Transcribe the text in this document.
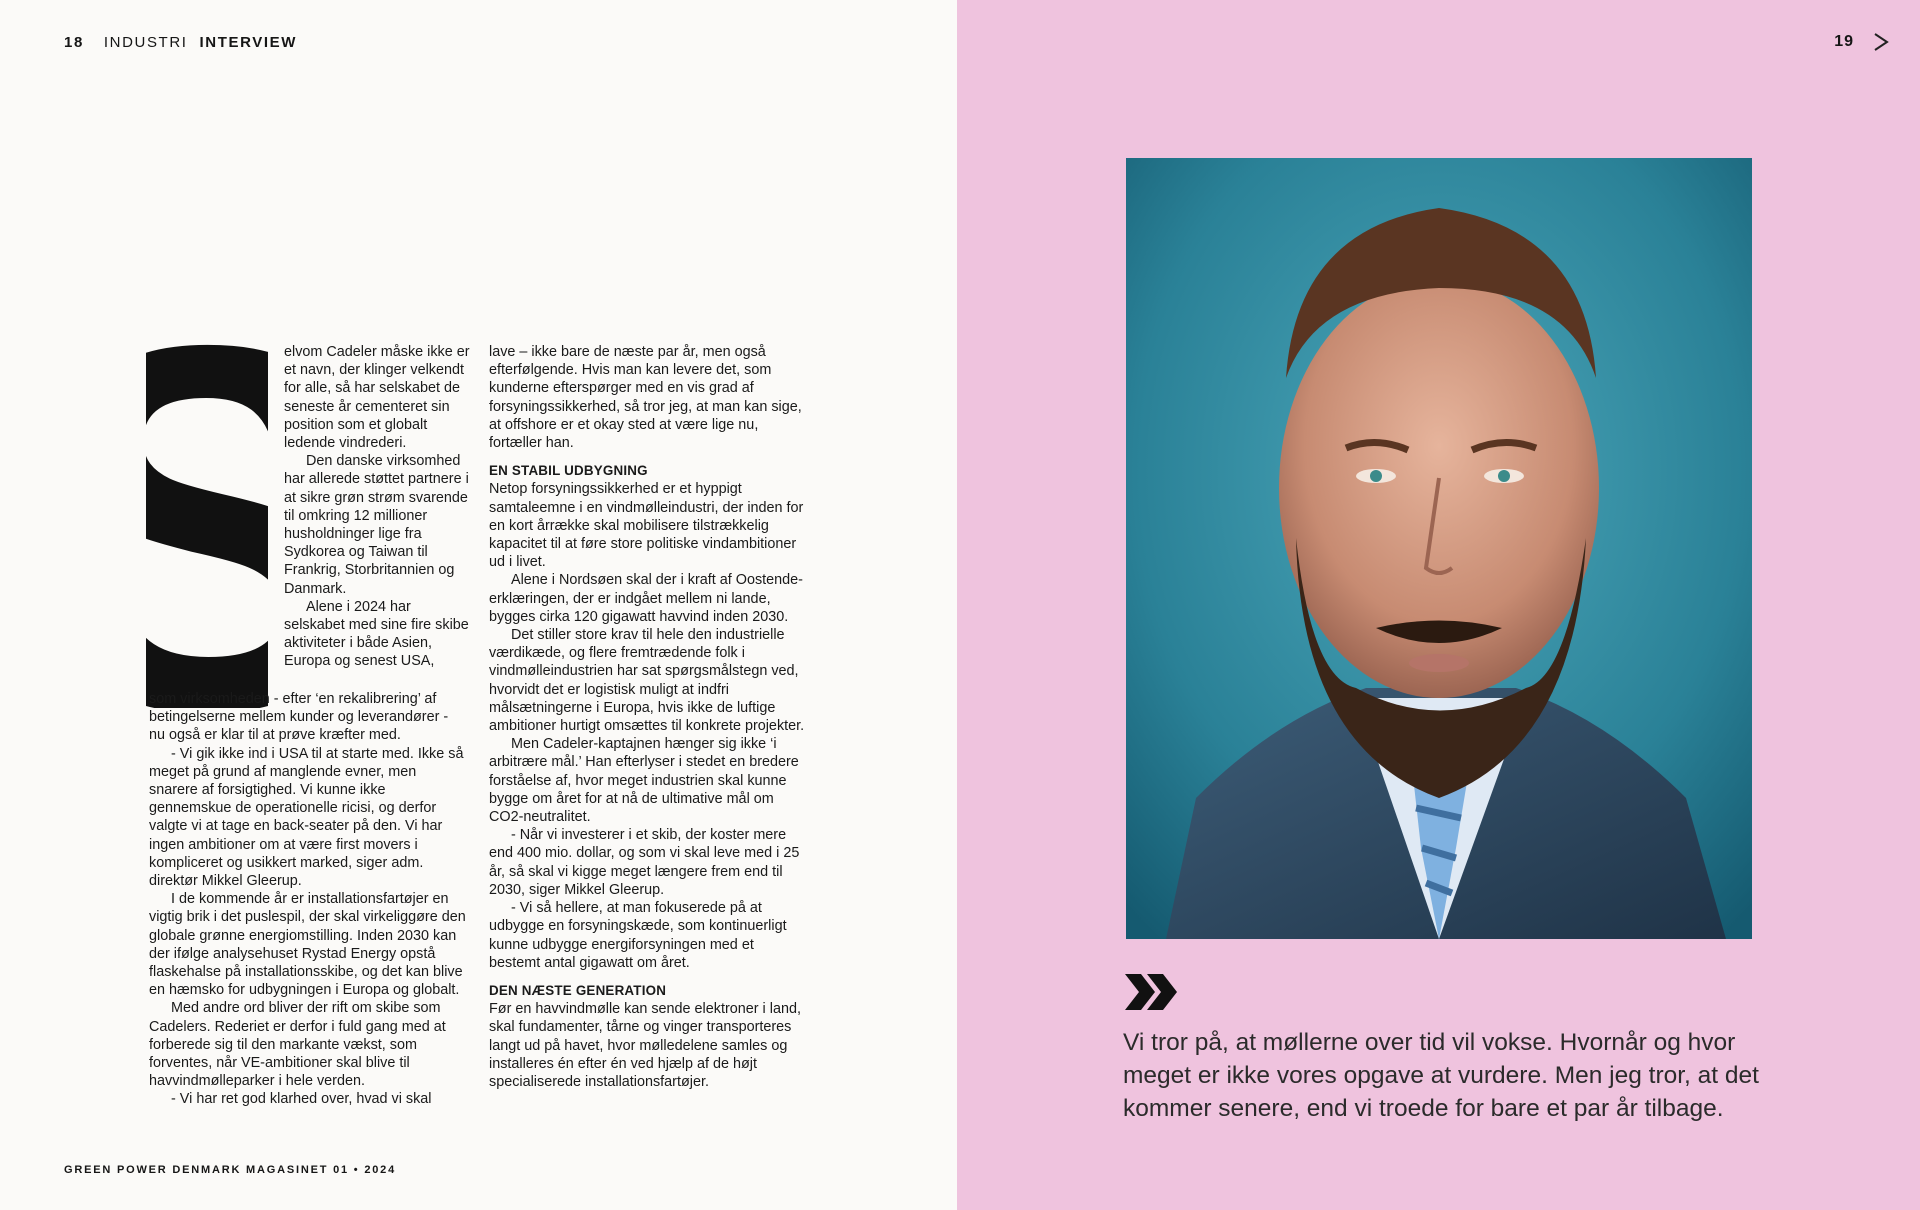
18 INDUSTRI INTERVIEW

elvom Cadeler måske ikke er et navn, der klinger velkendt for alle, så har selskabet de seneste år cementeret sin position som et globalt ledende vindrederi.

Den danske virksomhed har allerede støttet partnere i at sikre grøn strøm svarende til omkring 12 millioner husholdninger lige fra Sydkorea og Taiwan til Frankrig, Storbritannien og Danmark.

Alene i 2024 har selskabet med sine fire skibe aktiviteter i både Asien, Europa og senest USA,

som virksomheden - efter ‘en rekalibrering’ af betingelserne mellem kunder og leverandører - nu også er klar til at prøve kræfter med.

- Vi gik ikke ind i USA til at starte med. Ikke så meget på grund af manglende evner, men snarere af forsigtighed. Vi kunne ikke gennemskue de operationelle ricisi, og derfor valgte vi at tage en back-seater på den. Vi har ingen ambitioner om at være first movers i kompliceret og usikkert marked, siger adm. direktør Mikkel Gleerup.

I de kommende år er installationsfartøjer en vigtig brik i det puslespil, der skal virkeliggøre den globale grønne energiomstilling. Inden 2030 kan der ifølge analysehuset Rystad Energy opstå flaskehalse på installationsskibe, og det kan blive en hæmsko for udbygningen i Europa og globalt.

Med andre ord bliver der rift om skibe som Cadelers. Rederiet er derfor i fuld gang med at forberede sig til den markante vækst, som forventes, når VE-ambitioner skal blive til havvindmølleparker i hele verden.

- Vi har ret god klarhed over, hvad vi skal

lave – ikke bare de næste par år, men også efterfølgende. Hvis man kan levere det, som kunderne efterspørger med en vis grad af forsyningssikkerhed, så tror jeg, at man kan sige, at offshore er et okay sted at være lige nu, fortæller han.

EN STABIL UDBYGNING

Netop forsyningssikkerhed er et hyppigt samtaleemne i en vindmølleindustri, der inden for en kort årrække skal mobilisere tilstrækkelig kapacitet til at føre store politiske vindambitioner ud i livet.

Alene i Nordsøen skal der i kraft af Oostende-erklæringen, der er indgået mellem ni lande, bygges cirka 120 gigawatt havvind inden 2030.

Det stiller store krav til hele den industrielle værdikæde, og flere fremtrædende folk i vindmølleindustrien har sat spørgsmålstegn ved, hvorvidt det er logistisk muligt at indfri målsætningerne i Europa, hvis ikke de luftige ambitioner hurtigt omsættes til konkrete projekter.

Men Cadeler-kaptajnen hænger sig ikke ‘i arbitrære mål.’ Han efterlyser i stedet en bredere forståelse af, hvor meget industrien skal kunne bygge om året for at nå de ultimative mål om CO2-neutralitet.

- Når vi investerer i et skib, der koster mere end 400 mio. dollar, og som vi skal leve med i 25 år, så skal vi kigge meget længere frem end til 2030, siger Mikkel Gleerup.

- Vi så hellere, at man fokuserede på at udbygge en forsyningskæde, som kontinuerligt kunne udbygge energiforsyningen med et bestemt antal gigawatt om året.

DEN NÆSTE GENERATION

Før en havvindmølle kan sende elektroner i land, skal fundamenter, tårne og vinger transporteres langt ud på havet, hvor mølledelene samles og installeres én efter én ved hjælp af de højt specialiserede installationsfartøjer.

GREEN POWER DENMARK MAGASINET 01 • 2024
19

Vi tror på, at møllerne over tid vil vokse. Hvornår og hvor meget er ikke vores opgave at vurdere. Men jeg tror, at det kommer senere, end vi troede for bare et par år tilbage.
